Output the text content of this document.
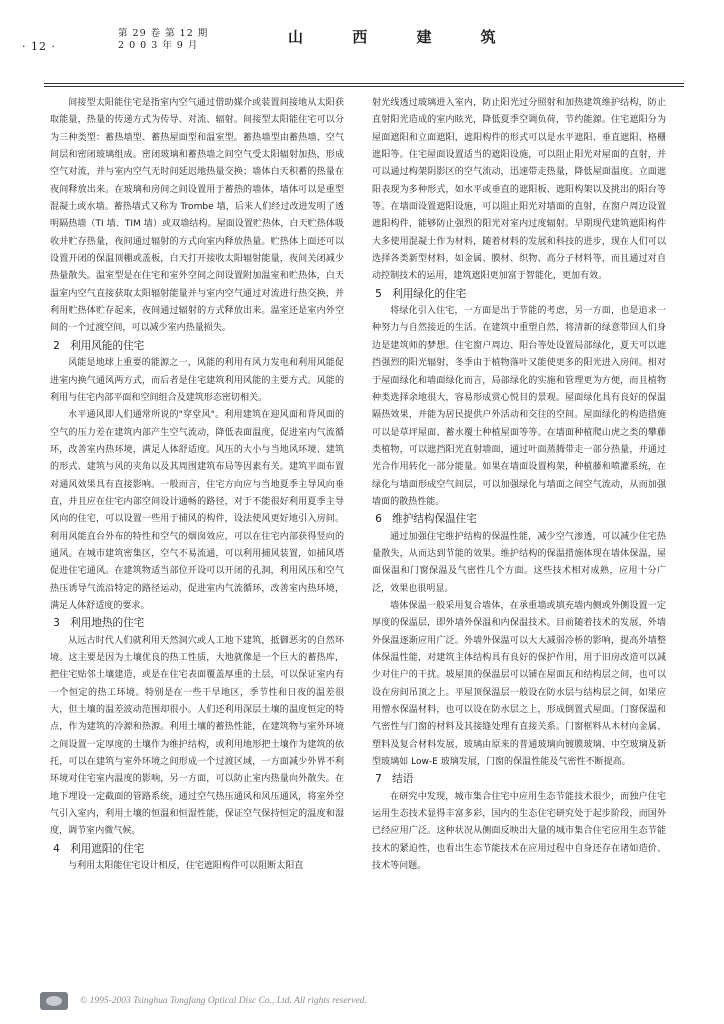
· 12 ·
第 29 卷 第 12 期
2 0 0 3 年 9 月	山 西 建 筑

间接型太阳能住宅是指室内空气通过借助媒介或装置间接地从太阳获取能量，热量的传递方式为传导、对流、辐射。间接型太阳能住宅可以分为三种类型：蓄热墙型、蓄热屋面型和温室型。蓄热墙型由蓄热墙、空气间层和密闭玻璃组成。密闭玻璃和蓄热墙之间空气受太阳辐射加热，形成空气对流，并与室内空气无时间延迟地热量交换；墙体白天积蓄的热量在夜间释放出来。在玻璃和房间之间设置用于蓄热的墙体，墙体可以是重型混凝土或水墙。蓄热墙式又称为 Trombe 墙，后来人们经过改进发明了透明隔热墙（TI 墙、TIM 墙）或双墙结构。屋面设置贮热体，白天贮热体吸收并贮存热量，夜间通过辐射的方式向室内释放热量。贮热体上面还可以设置开闭的保温顶棚或盖板，白天打开接收太阳辐射能量，夜间关闭减少热量散失。温室型是在住宅和室外空间之间设置附加温室和贮热体，白天温室内空气直接获取太阳辐射能量并与室内空气通过对流进行热交换，并利用贮热体贮存起来，夜间通过辐射的方式释放出来。温室还是室内外空间的一个过渡空间，可以减少室内热量损失。

2 利用风能的住宅

风能是地球上重要的能源之一，风能的利用有风力发电和利用风能促进室内换气通风两方式，而后者是住宅建筑利用风能的主要方式。风能的利用与住宅内部平面和空间组合及建筑形态密切相关。

水平通风即人们通常所说的"穿堂风"。利用建筑在迎风面和背风面的空气的压力差在建筑内部产生空气流动，降低表面温度，促进室内气流循环，改善室内热环境，满足人体舒适度。风压的大小与当地风环境、建筑的形式、建筑与风的夹角以及其周围建筑布局等因素有关。建筑平面布置对通风效果具有直接影响。一般而言，住宅方向应与当地夏季主导风向垂直，并且应在住宅内部空间设计通畅的路径，对于不能很好利用夏季主导风向的住宅，可以设置一些用于捕风的构件，设法使风更好地引入房间。利用风能直台外布的特性和空气的烟囱效应，可以在住宅内部获得竖向的通风。在城市建筑密集区，空气不易流通，可以利用捕风装置，如捕风塔促进住宅通风。在建筑物适当部位开设可以开闭的孔洞，利用风压和空气热压诱导气流沿特定的路径运动，促进室内气流循环，改善室内热环境，满足人体舒适度的要求。

3 利用地热的住宅

从远古时代人们就利用天然洞穴或人工地下建筑，抵御恶劣的自然环境。这主要是因为土壤优良的热工性质，大地就像是一个巨大的蓄热库，把住宅贴邻土壤建造，或是在住宅表面覆盖厚重的土层，可以保证室内有一个恒定的热工环境。特别是在一些干旱地区，季节性和日夜的温差很大，但土壤的温差波动范围却很小。人们还利用深层土壤的温度恒定的特点，作为建筑的冷源和热源。利用土壤的蓄热性能，在建筑物与室外环境之间设置一定厚度的土壤作为维护结构，或利用地形把土壤作为建筑的依托，可以在建筑与室外环境之间形成一个过渡区域，一方面减少外界不利环境对住宅室内温度的影响，另一方面，可以防止室内热量向外散失。在地下埋设一定截面的管路系统，通过空气热压通风和风压通风，将室外空气引入室内，利用土壤的恒温和恒湿性能，保证空气保持恒定的温度和湿度，调节室内微气候。

4 利用遮阳的住宅

与利用太阳能住宅设计相反，住宅遮阳构件可以阻断太阳直

射光线透过玻璃进入室内，防止阳光过分照射和加热建筑维护结构，防止直射阳光造成的室内眩光，降低夏季空调负荷，节约能源。住宅遮阳分为屋面遮阳和立面遮阳，遮阳构件的形式可以是水平遮阳、垂直遮阳、格栅遮阳等。住宅屋面设置适当的遮阳设施，可以阻止阳光对屋面的直射，并可以通过构架阴影区的空气流动，迅速带走热量，降低屋面温度。立面遮阳表现为多种形式，如水平或垂直的遮阳板、遮阳构架以及挑出的阳台等等。在墙面设置遮阳设施，可以阻止阳光对墙面的直射，在窗户周边设置遮阳构件，能够防止强烈的阳光对室内过度辐射。早期现代建筑遮阳构件大多使用混凝土作为材料，随着材料的发展和科技的进步，现在人们可以选择各类新型材料，如金属、膜材、织物、高分子材料等，而且通过对自动控制技术的运用，建筑遮阳更加富于智能化，更加有效。

5 利用绿化的住宅

将绿化引入住宅，一方面是出于节能的考虑，另一方面，也是追求一种努力与自然接近的生活。在建筑中重塑自然，将清新的绿意带回人们身边是建筑师的梦想。住宅窗户周边、阳台等处设置局部绿化，夏天可以遮挡强烈的阳光辐射，冬季由于植物落叶又能使更多的阳光进入房间。相对于屋面绿化和墙面绿化而言，局部绿化的实施和管理更为方便，而且植物种类选择余地很大，容易形成赏心悦目的景观。屋面绿化具有良好的保温隔热效果，并能为居民提供户外活动和交往的空间。屋面绿化的构造措施可以是草坪屋面、蓄水覆土种植屋面等等。在墙面种植爬山虎之类的攀藤类植物，可以遮挡阳光直射墙面，通过叶面蒸腾带走一部分热量，并通过光合作用转化一部分能量。如果在墙面设置构架，种植藤和喷灌系统，在绿化与墙面形成空气间层，可以加强绿化与墙面之间空气流动，从而加强墙面的散热性能。

6 维护结构保温住宅

通过加强住宅维护结构的保温性能，减少空气渗透，可以减少住宅热量散失，从而达到节能的效果。维护结构的保温措施体现在墙体保温，屋面保温和门窗保温及气密性几个方面。这些技术相对成熟，应用十分广泛，效果也很明显。

墙体保温一般采用复合墙体，在承重墙或填充墙内侧或外侧设置一定厚度的保温层，即外墙外保温和内保温技术。目前随着技术的发展，外墙外保温逐渐应用广泛。外墙外保温可以大大减弱冷桥的影响，提高外墙整体保温性能，对建筑主体结构具有良好的保护作用，用于旧房改造可以减少对住户的干扰。坡屋顶的保温层可以铺在屋面瓦和结构层之间，也可以设在房间吊顶之上。平屋顶保温层一般设在防水层与结构层之间，如果应用憎水保温材料，也可以设在防水层之上，形成倒置式屋面。门窗保温和气密性与门窗的材料及其接缝处理有直接关系。门窗框料从木材向金属、塑料及复合材料发展，玻璃由原来的普通玻璃向镀膜玻璃、中空玻璃及新型玻璃如 Low-E 玻璃发展，门窗的保温性能及气密性不断提高。

7 结语

在研究中发现，城市集合住宅中应用生态节能技术很少，而独户住宅运用生态技术显得丰富多彩，国内的生态住宅研究处于起步阶段，而国外已经应用广泛。这种状况从侧面反映出大量的城市集合住宅应用生态节能技术的紧迫性，也看出生态节能技术在应用过程中自身还存在诸如造价、技术等问题。

© 1995-2003 Tsinghua Tongfang Optical Disc Co., Ltd. All rights reserved.
